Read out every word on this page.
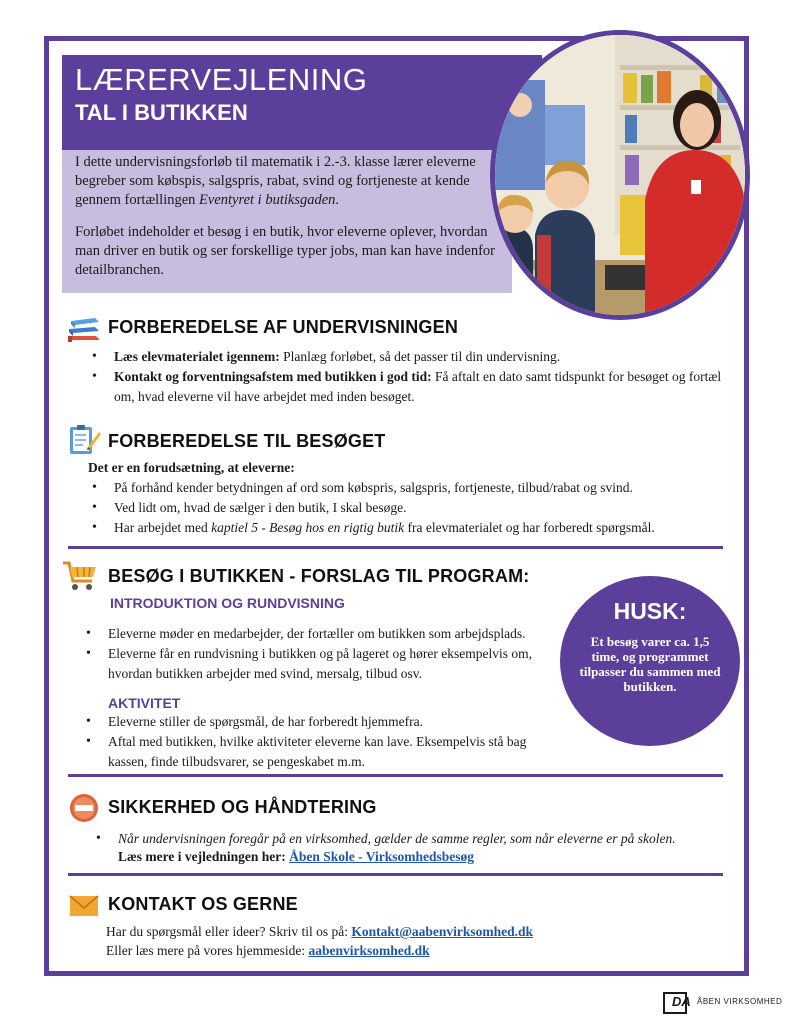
LÆRERVEJLENING
TAL I BUTIKKEN

I dette undervisningsforløb til matematik i 2.-3. klasse lærer eleverne begreber som købspis, salgspris, rabat, svind og fortjeneste at kende gennem fortællingen Eventyret i butiksgaden.

Forløbet indeholder et besøg i en butik, hvor eleverne oplever, hvordan man driver en butik og ser forskellige typer jobs, man kan have indenfor detailbranchen.

FORBEREDELSE AF UNDERVISNINGEN
• Læs elevmaterialet igennem: Planlæg forløbet, så det passer til din undervisning.
• Kontakt og forventningsafstem med butikken i god tid: Få aftalt en dato samt tidspunkt for besøget og fortæl om, hvad eleverne vil have arbejdet med inden besøget.
FORBEREDELSE TIL BESØGET
Det er en forudsætning, at eleverne:
• På forhånd kender betydningen af ord som købspris, salgspris, fortjeneste, tilbud/rabat og svind.
• Ved lidt om, hvad de sælger i den butik, I skal besøge.
• Har arbejdet med kaptiel 5 - Besøg hos en rigtig butik fra elevmaterialet og har forberedt spørgsmål.
BESØG I BUTIKKEN - FORSLAG TIL PROGRAM:
INTRODUKTION OG RUNDVISNING
• Eleverne møder en medarbejder, der fortæller om butikken som arbejdsplads.
• Eleverne får en rundvisning i butikken og på lageret og hører eksempelvis om, hvordan butikken arbejder med svind, mersalg, tilbud osv.
AKTIVITET
• Eleverne stiller de spørgsmål, de har forberedt hjemmefra.
• Aftal med butikken, hvilke aktiviteter eleverne kan lave. Eksempelvis stå bag kassen, finde tilbudsvarer, se pengeskabet m.m.
HUSK:
Et besøg varer ca. 1,5 time, og programmet tilpasser du sammen med butikken.
SIKKERHED OG HÅNDTERING
• Når undervisningen foregår på en virksomhed, gælder de samme regler, som når eleverne er på skolen.
Læs mere i vejledningen her: Åben Skole - Virksomhedsbesøg
KONTAKT OS GERNE
Har du spørgsmål eller ideer? Skriv til os på: Kontakt@aabenvirksomhed.dk
Eller læs mere på vores hjemmeside: aabenvirksomhed.dk
DA ÅBEN VIRKSOMHED
